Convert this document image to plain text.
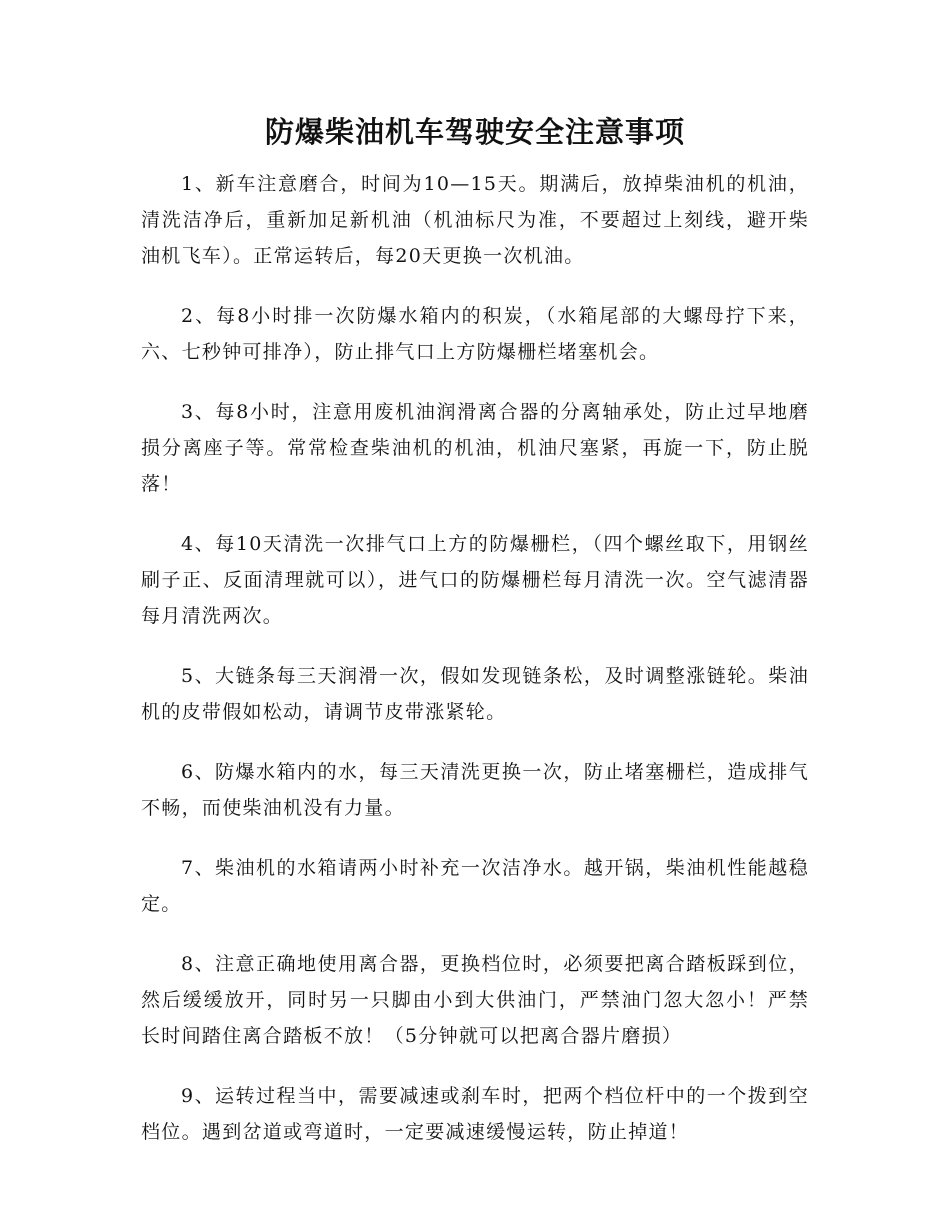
防爆柴油机车驾驶安全注意事项

1、新车注意磨合，时间为10—15天。期满后，放掉柴油机的机油，清洗洁净后，重新加足新机油（机油标尺为准，不要超过上刻线，避开柴油机飞车）。正常运转后，每20天更换一次机油。

2、每8小时排一次防爆水箱内的积炭，（水箱尾部的大螺母拧下来，六、七秒钟可排净），防止排气口上方防爆栅栏堵塞机会。

3、每8小时，注意用废机油润滑离合器的分离轴承处，防止过早地磨损分离座子等。常常检查柴油机的机油，机油尺塞紧，再旋一下，防止脱落！

4、每10天清洗一次排气口上方的防爆栅栏，（四个螺丝取下，用钢丝刷子正、反面清理就可以），进气口的防爆栅栏每月清洗一次。空气滤清器每月清洗两次。

5、大链条每三天润滑一次，假如发现链条松，及时调整涨链轮。柴油机的皮带假如松动，请调节皮带涨紧轮。

6、防爆水箱内的水，每三天清洗更换一次，防止堵塞栅栏，造成排气不畅，而使柴油机没有力量。

7、柴油机的水箱请两小时补充一次洁净水。越开锅，柴油机性能越稳定。

8、注意正确地使用离合器，更换档位时，必须要把离合踏板踩到位，然后缓缓放开，同时另一只脚由小到大供油门，严禁油门忽大忽小！严禁长时间踏住离合踏板不放！（5分钟就可以把离合器片磨损）

9、运转过程当中，需要减速或刹车时，把两个档位杆中的一个拨到空档位。遇到岔道或弯道时，一定要减速缓慢运转，防止掉道！
